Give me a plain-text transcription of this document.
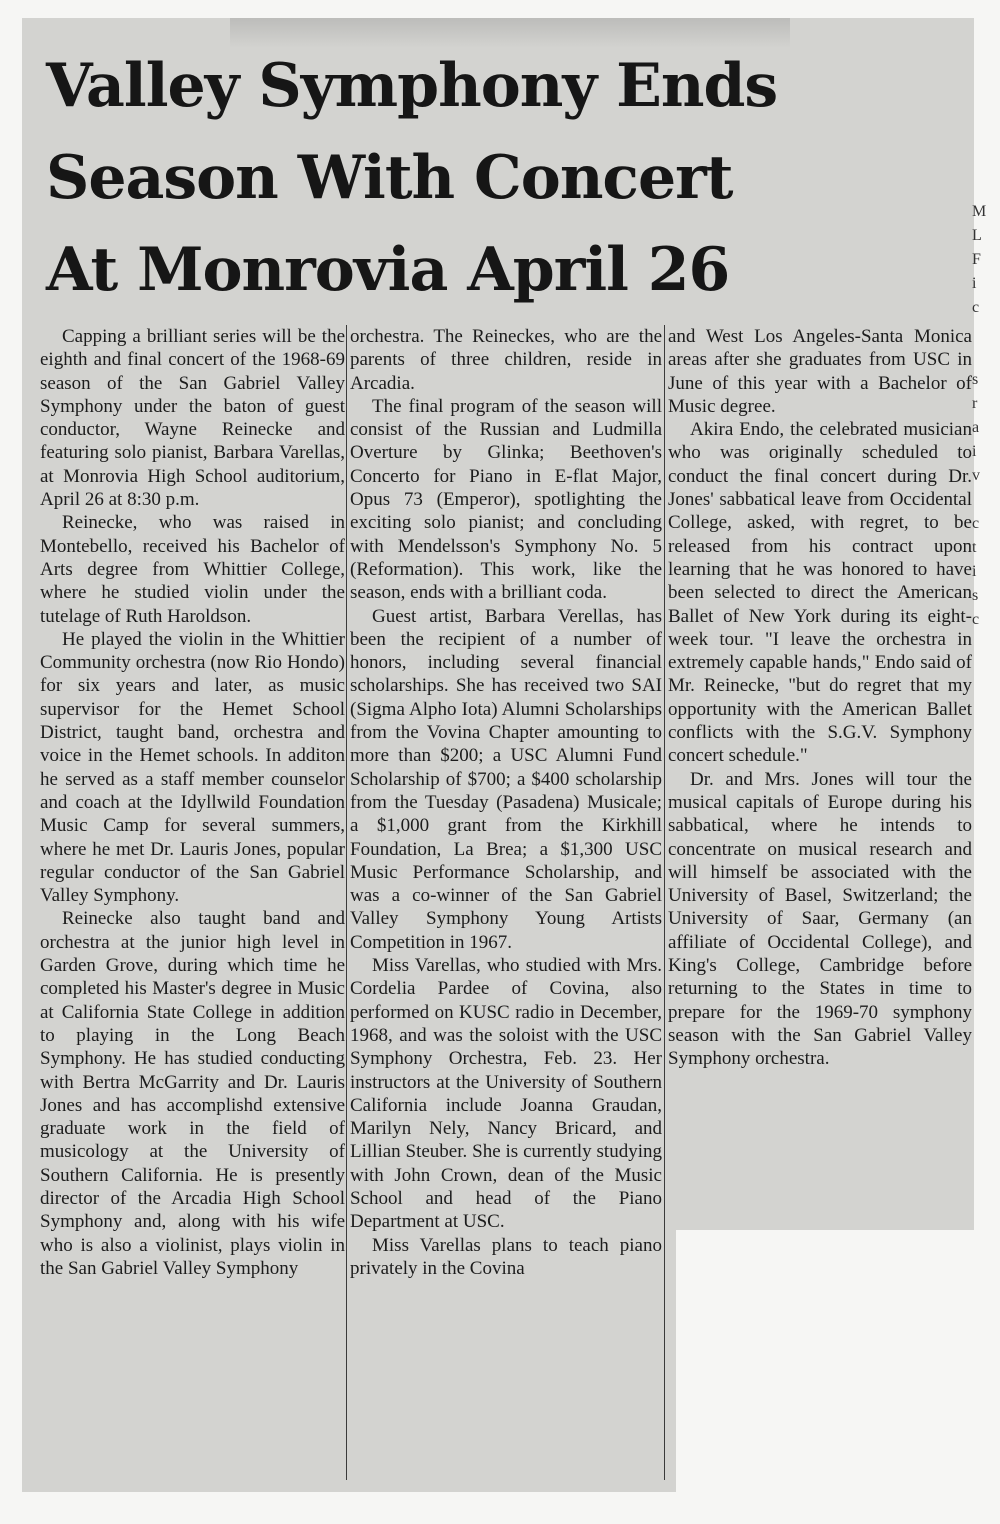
Valley Symphony Ends
Season With Concert
At Monrovia April 26

Capping a brilliant series will be the eighth and final concert of the 1968-69 season of the San Gabriel Valley Symphony under the baton of guest conductor, Wayne Reinecke and featuring solo pianist, Barbara Varellas, at Monrovia High School auditorium, April 26 at 8:30 p.m.

Reinecke, who was raised in Montebello, received his Bachelor of Arts degree from Whittier College, where he studied violin under the tutelage of Ruth Haroldson.

He played the violin in the Whittier Community orchestra (now Rio Hondo) for six years and later, as music supervisor for the Hemet School District, taught band, orchestra and voice in the Hemet schools. In additon he served as a staff member counselor and coach at the Idyllwild Foundation Music Camp for several summers, where he met Dr. Lauris Jones, popular regular conductor of the San Gabriel Valley Symphony.

Reinecke also taught band and orchestra at the junior high level in Garden Grove, during which time he completed his Master's degree in Music at California State College in addition to playing in the Long Beach Symphony. He has studied conducting with Bertra McGarrity and Dr. Lauris Jones and has accomplishd extensive graduate work in the field of musicology at the University of Southern California. He is presently director of the Arcadia High School Symphony and, along with his wife who is also a violinist, plays violin in the San Gabriel Valley Symphony

orchestra. The Reineckes, who are the parents of three children, reside in Arcadia.

The final program of the season will consist of the Russian and Ludmilla Overture by Glinka; Beethoven's Concerto for Piano in E-flat Major, Opus 73 (Emperor), spotlighting the exciting solo pianist; and concluding with Mendelsson's Symphony No. 5 (Reformation). This work, like the season, ends with a brilliant coda.

Guest artist, Barbara Verellas, has been the recipient of a number of honors, including several financial scholarships. She has received two SAI (Sigma Alpho Iota) Alumni Scholarships from the Vovina Chapter amounting to more than $200; a USC Alumni Fund Scholarship of $700; a $400 scholarship from the Tuesday (Pasadena) Musicale; a $1,000 grant from the Kirkhill Foundation, La Brea; a $1,300 USC Music Performance Scholarship, and was a co-winner of the San Gabriel Valley Symphony Young Artists Competition in 1967.

Miss Varellas, who studied with Mrs. Cordelia Pardee of Covina, also performed on KUSC radio in December, 1968, and was the soloist with the USC Symphony Orchestra, Feb. 23. Her instructors at the University of Southern California include Joanna Graudan, Marilyn Nely, Nancy Bricard, and Lillian Steuber. She is currently studying with John Crown, dean of the Music School and head of the Piano Department at USC.

Miss Varellas plans to teach piano privately in the Covina

and West Los Angeles-Santa Monica areas after she graduates from USC in June of this year with a Bachelor of Music degree.

Akira Endo, the celebrated musician who was originally scheduled to conduct the final concert during Dr. Jones' sabbatical leave from Occidental College, asked, with regret, to be released from his contract upon learning that he was honored to have been selected to direct the American Ballet of New York during its eight-week tour. "I leave the orchestra in extremely capable hands," Endo said of Mr. Reinecke, "but do regret that my opportunity with the American Ballet conflicts with the S.G.V. Symphony concert schedule."

Dr. and Mrs. Jones will tour the musical capitals of Europe during his sabbatical, where he intends to concentrate on musical research and will himself be associated with the University of Basel, Switzerland; the University of Saar, Germany (an affiliate of Occidental College), and King's College, Cambridge before returning to the States in time to prepare for the 1969-70 symphony season with the San Gabriel Valley Symphony orchestra.

M
L
F
i
c
s
r
a
i
v
c
t
i
s
c
